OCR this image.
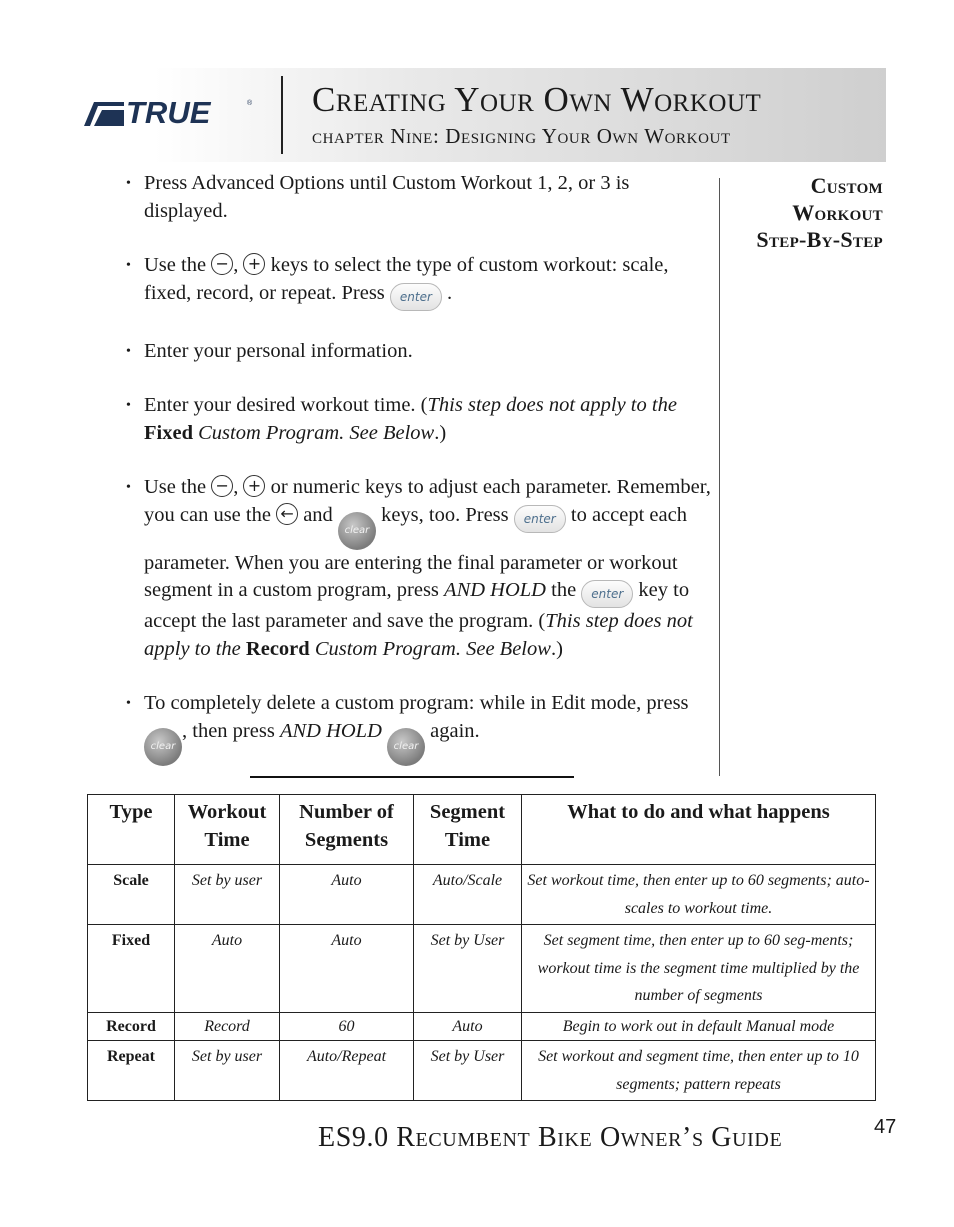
TRUE	® Creating Your Own Workout
chapter Nine: Designing Your Own Workout
Custom
Workout
Step-By-Step
• Press Advanced Options until Custom Workout 1, 2, or 3 is displayed.
• Use the − , + keys to select the type of custom workout: scale, fixed, record, or repeat. Press enter .
• Enter your personal information.
• Enter your desired workout time. (This step does not apply to the Fixed Custom Program. See Below.)
• Use the − , + or numeric keys to adjust each parameter. Remember, you can use the ← and clear keys, too. Press enter to accept each parameter. When you are entering the final parameter or workout segment in a custom program, press AND HOLD the enter key to accept the last parameter and save the program. (This step does not apply to the Record Custom Program. See Below.)
• To completely delete a custom program: while in Edit mode, press clear, then press AND HOLD clear again.
Type	Workout Time	Number of Segments	Segment Time	What to do and what happens
Scale	Set by user	Auto	Auto/Scale	Set workout time, then enter up to 60 segments; auto-scales to workout time.
Fixed	Auto	Auto	Set by User	Set segment time, then enter up to 60 seg-ments; workout time is the segment time multiplied by the number of segments
Record	Record	60	Auto	Begin to work out in default Manual mode
Repeat	Set by user	Auto/Repeat	Set by User	Set workout and segment time, then enter up to 10 segments; pattern repeats
ES9.0 Recumbent Bike Owner’s Guide	47
